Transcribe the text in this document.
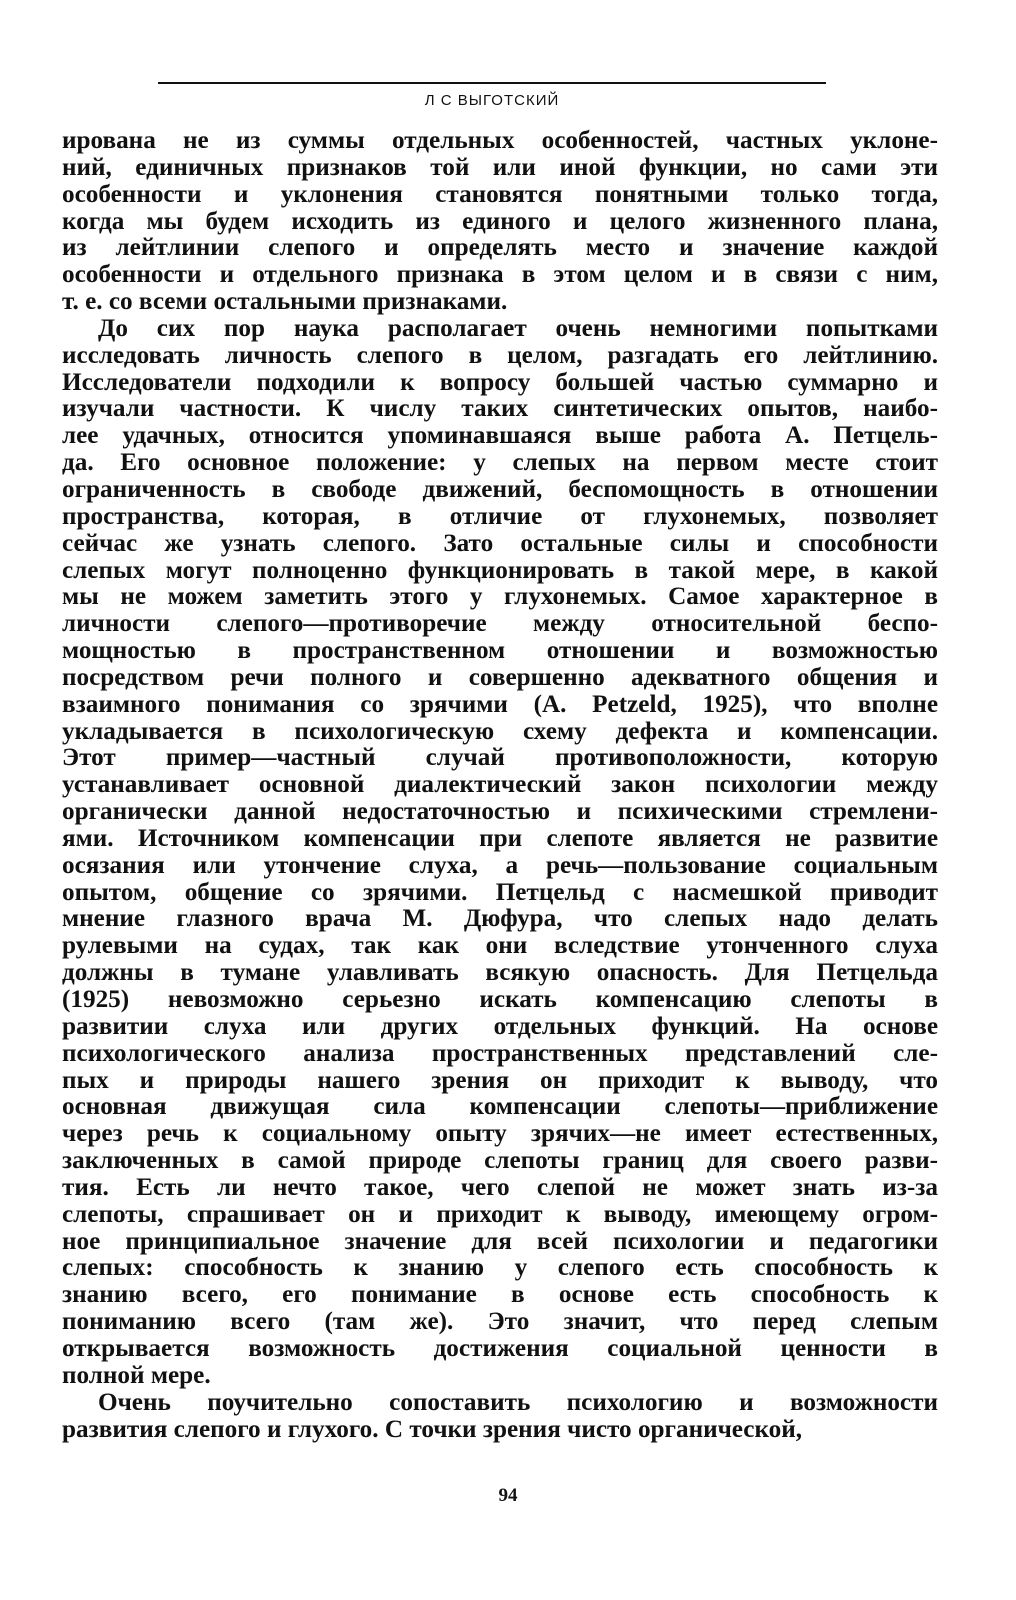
Л С ВЫГОТСКИЙ

ирована не из суммы отдельных особенностей, частных уклоне-
ний, единичных признаков той или иной функции, но сами эти
особенности и уклонения становятся понятными только тогда,
когда мы будем исходить из единого и целого жизненного плана,
из лейтлинии слепого и определять место и значение каждой
особенности и отдельного признака в этом целом и в связи с ним,
т. е. со всеми остальными признаками.

До сих пор наука располагает очень немногими попытками
исследовать личность слепого в целом, разгадать его лейтлинию.
Исследователи подходили к вопросу большей частью суммарно и
изучали частности. К числу таких синтетических опытов, наибо-
лее удачных, относится упоминавшаяся выше работа А. Петцель-
да. Его основное положение: у слепых на первом месте стоит
ограниченность в свободе движений, беспомощность в отношении
пространства, которая, в отличие от глухонемых, позволяет
сейчас же узнать слепого. Зато остальные силы и способности
слепых могут полноценно функционировать в такой мере, в какой
мы не можем заметить этого у глухонемых. Самое характерное в
личности слепого—противоречие между относительной беспо-
мощностью в пространственном отношении и возможностью
посредством речи полного и совершенно адекватного общения и
взаимного понимания со зрячими (A. Petzeld, 1925), что вполне
укладывается в психологическую схему дефекта и компенсации.
Этот пример—частный случай противоположности, которую
устанавливает основной диалектический закон психологии между
органически данной недостаточностью и психическими стремлени-
ями. Источником компенсации при слепоте является не развитие
осязания или утончение слуха, а речь—пользование социальным
опытом, общение со зрячими. Петцельд с насмешкой приводит
мнение глазного врача М. Дюфура, что слепых надо делать
рулевыми на судах, так как они вследствие утонченного слуха
должны в тумане улавливать всякую опасность. Для Петцельда
(1925) невозможно серьезно искать компенсацию слепоты в
развитии слуха или других отдельных функций. На основе
психологического анализа пространственных представлений сле-
пых и природы нашего зрения он приходит к выводу, что
основная движущая сила компенсации слепоты—приближение
через речь к социальному опыту зрячих—не имеет естественных,
заключенных в самой природе слепоты границ для своего разви-
тия. Есть ли нечто такое, чего слепой не может знать из-за
слепоты, спрашивает он и приходит к выводу, имеющему огром-
ное принципиальное значение для всей психологии и педагогики
слепых: способность к знанию у слепого есть способность к
знанию всего, его понимание в основе есть способность к
пониманию всего (там же). Это значит, что перед слепым
открывается возможность достижения социальной ценности в
полной мере.

Очень поучительно сопоставить психологию и возможности
развития слепого и глухого. С точки зрения чисто органической,

94
